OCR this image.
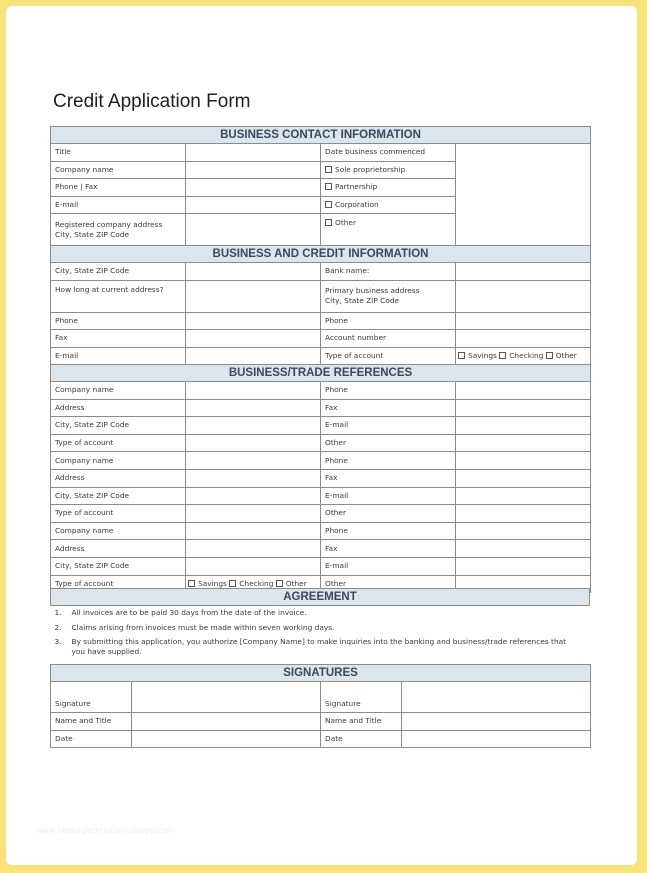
Credit Application Form
BUSINESS CONTACT INFORMATION			
Title		Date business commenced	
Company name		Sole proprietorship	
Phone | Fax		Partnership	
E-mail		Corporation	

Registered company address
City, State ZIP Code		Other	
BUSINESS AND CREDIT INFORMATION			
City, State ZIP Code		Bank name:	
How long at current address?		Primary business address
City, State ZIP Code	

Phone		Phone	
Fax		Account number	
E-mail		Type of account	Savings Checking Other
BUSINESS/TRADE REFERENCES			
Company name		Phone	
Address		Fax	
City, State ZIP Code		E-mail	
Type of account		Other	
Company name		Phone	
Address		Fax	
City, State ZIP Code		E-mail	
Type of account		Other	
Company name		Phone	
Address		Fax	
City, State ZIP Code		E-mail	
Type of account	Savings Checking Other	Other	
AGREEMENT
1. All invoices are to be paid 30 days from the date of the invoice.
2. Claims arising from invoices must be made within seven working days.
3. By submitting this application, you authorize [Company Name] to make inquiries into the banking and business/trade references that you have supplied.
SIGNATURES			
Signature		Signature	
Name and Title		Name and Title	
Date		Date	
www.heritagechristiancollege.com
